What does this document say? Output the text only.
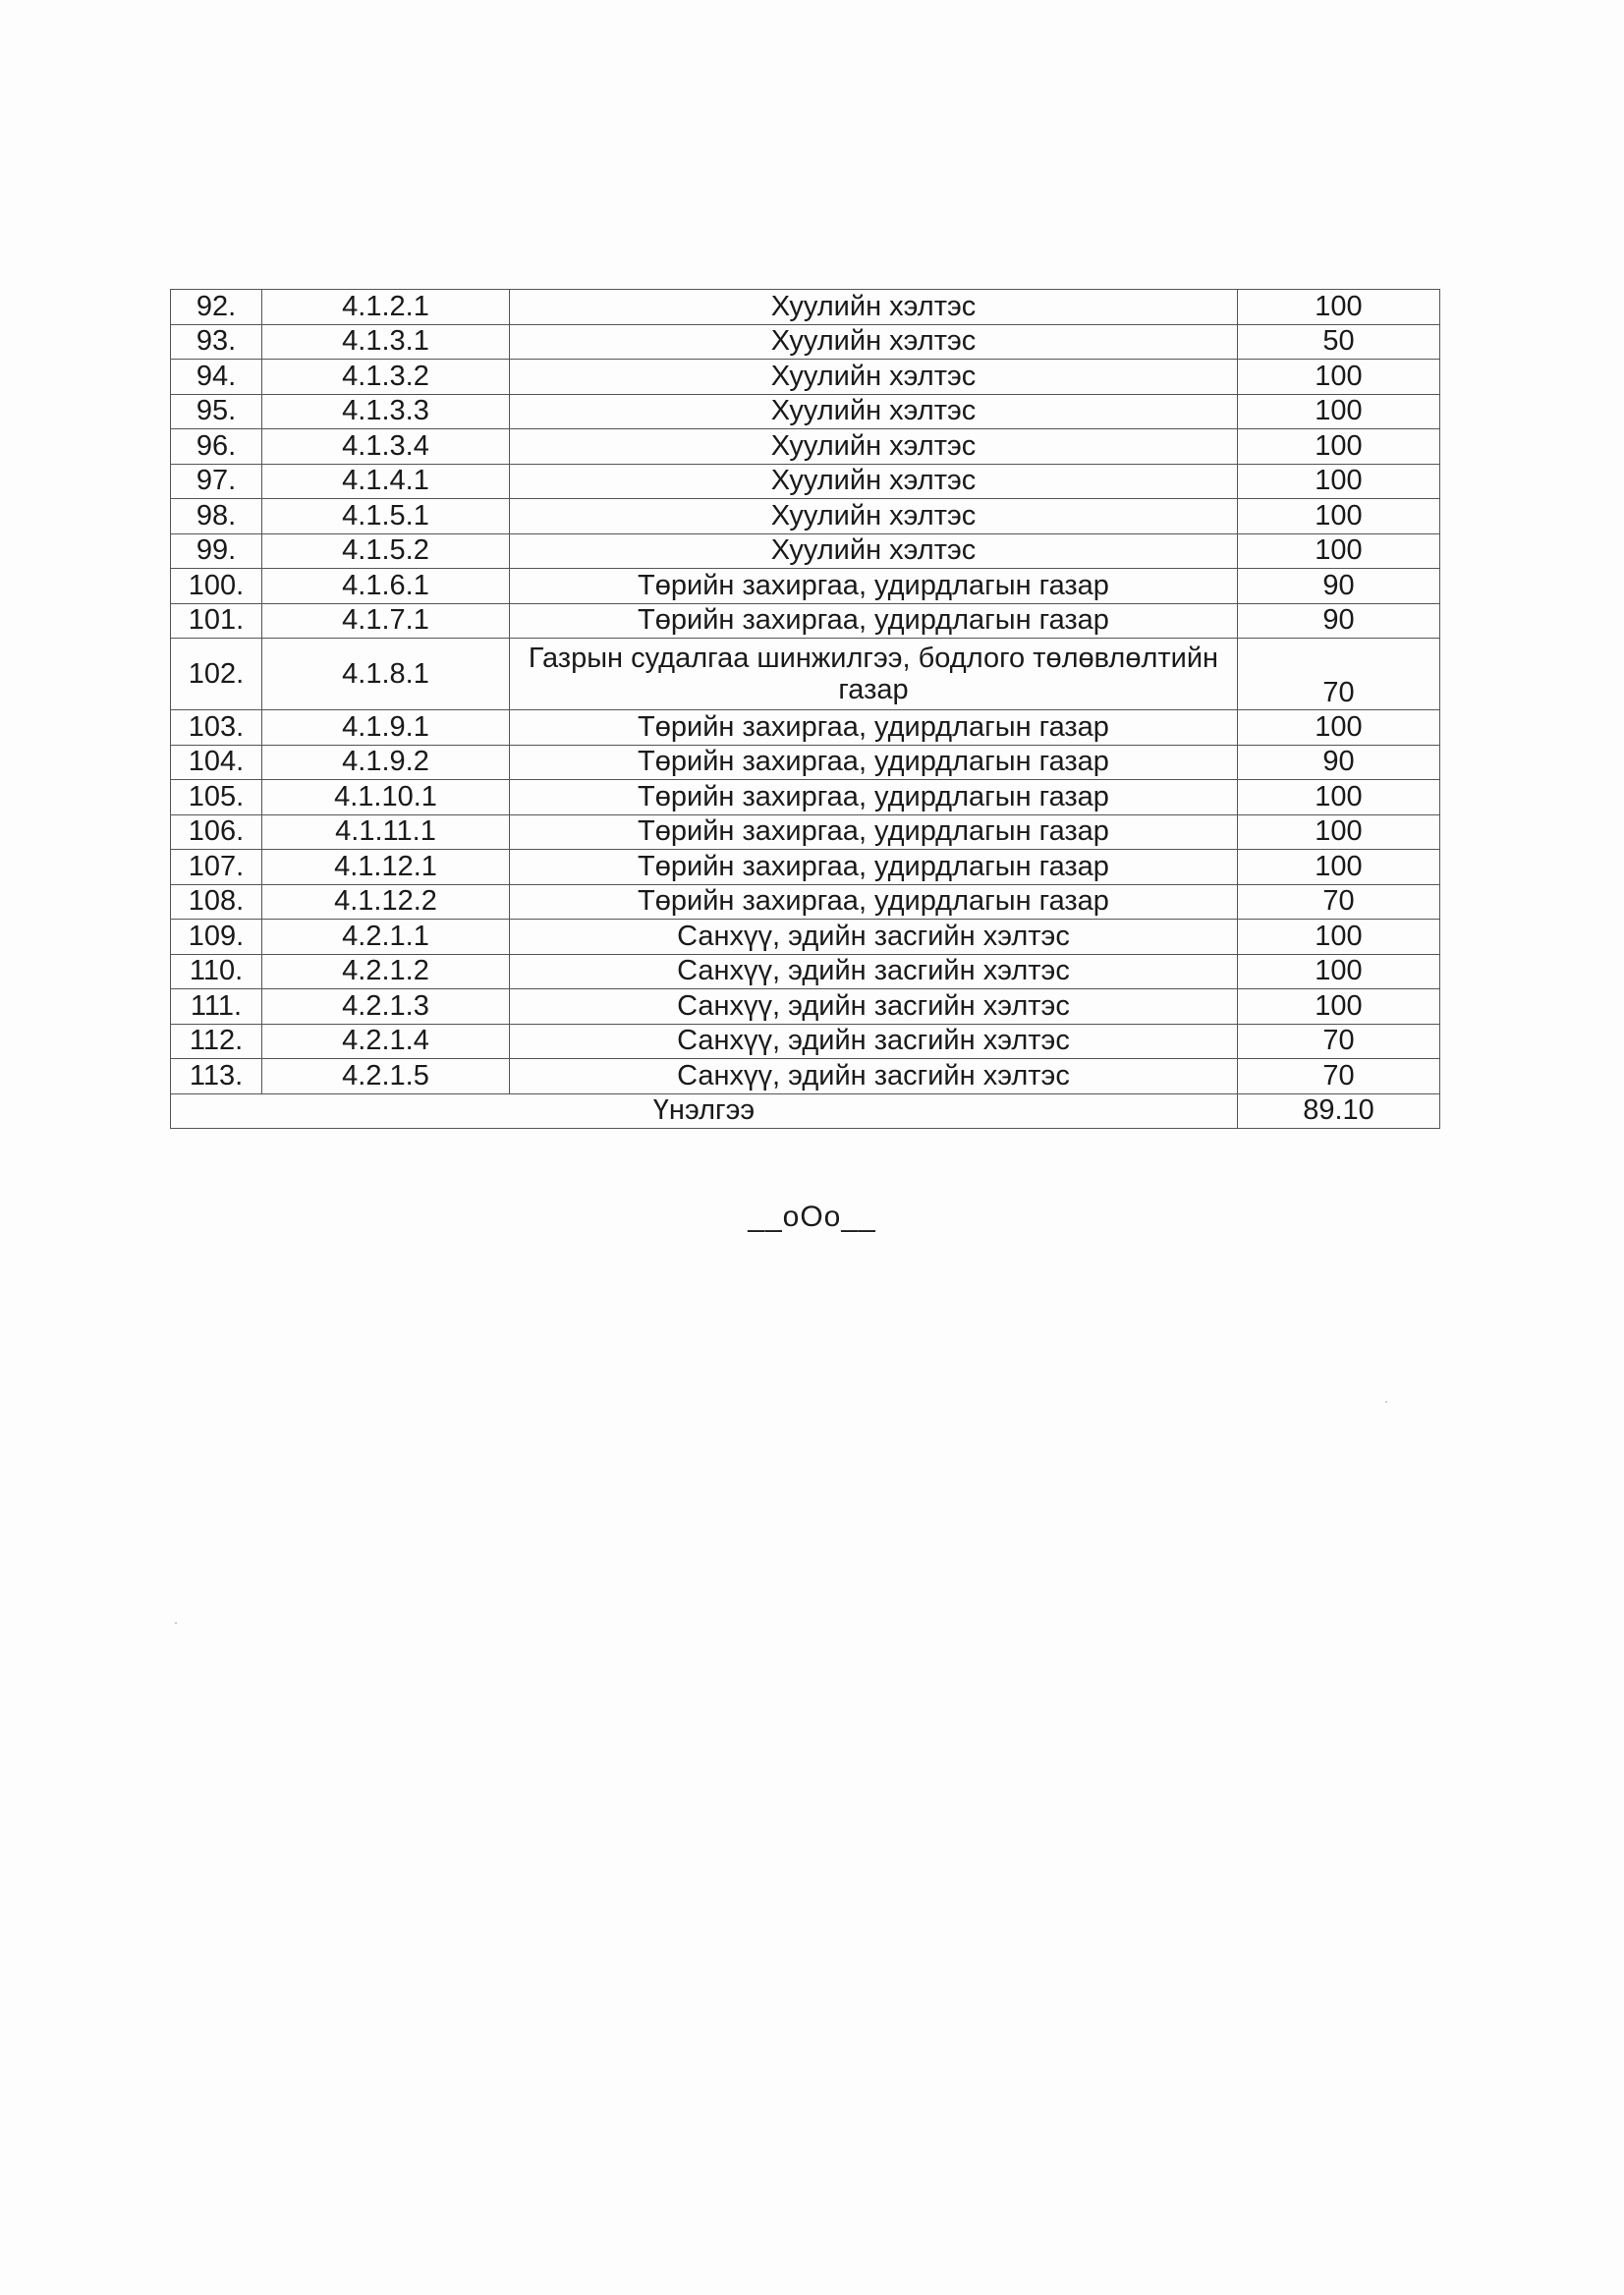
92.	4.1.2.1	Хуулийн хэлтэс	100
93.	4.1.3.1	Хуулийн хэлтэс	50
94.	4.1.3.2	Хуулийн хэлтэс	100
95.	4.1.3.3	Хуулийн хэлтэс	100
96.	4.1.3.4	Хуулийн хэлтэс	100
97.	4.1.4.1	Хуулийн хэлтэс	100
98.	4.1.5.1	Хуулийн хэлтэс	100
99.	4.1.5.2	Хуулийн хэлтэс	100
100.	4.1.6.1	Төрийн захиргаа, удирдлагын газар	90
101.	4.1.7.1	Төрийн захиргаа, удирдлагын газар	90
102.	4.1.8.1	Газрын судалгаа шинжилгээ, бодлого төлөвлөлтийн газар	70
103.	4.1.9.1	Төрийн захиргаа, удирдлагын газар	100
104.	4.1.9.2	Төрийн захиргаа, удирдлагын газар	90
105.	4.1.10.1	Төрийн захиргаа, удирдлагын газар	100
106.	4.1.11.1	Төрийн захиргаа, удирдлагын газар	100
107.	4.1.12.1	Төрийн захиргаа, удирдлагын газар	100
108.	4.1.12.2	Төрийн захиргаа, удирдлагын газар	70
109.	4.2.1.1	Санхүү, эдийн засгийн хэлтэс	100
110.	4.2.1.2	Санхүү, эдийн засгийн хэлтэс	100
111.	4.2.1.3	Санхүү, эдийн засгийн хэлтэс	100
112.	4.2.1.4	Санхүү, эдийн засгийн хэлтэс	70
113.	4.2.1.5	Санхүү, эдийн засгийн хэлтэс	70
Үнэлгээ			89.10
__oOo__
